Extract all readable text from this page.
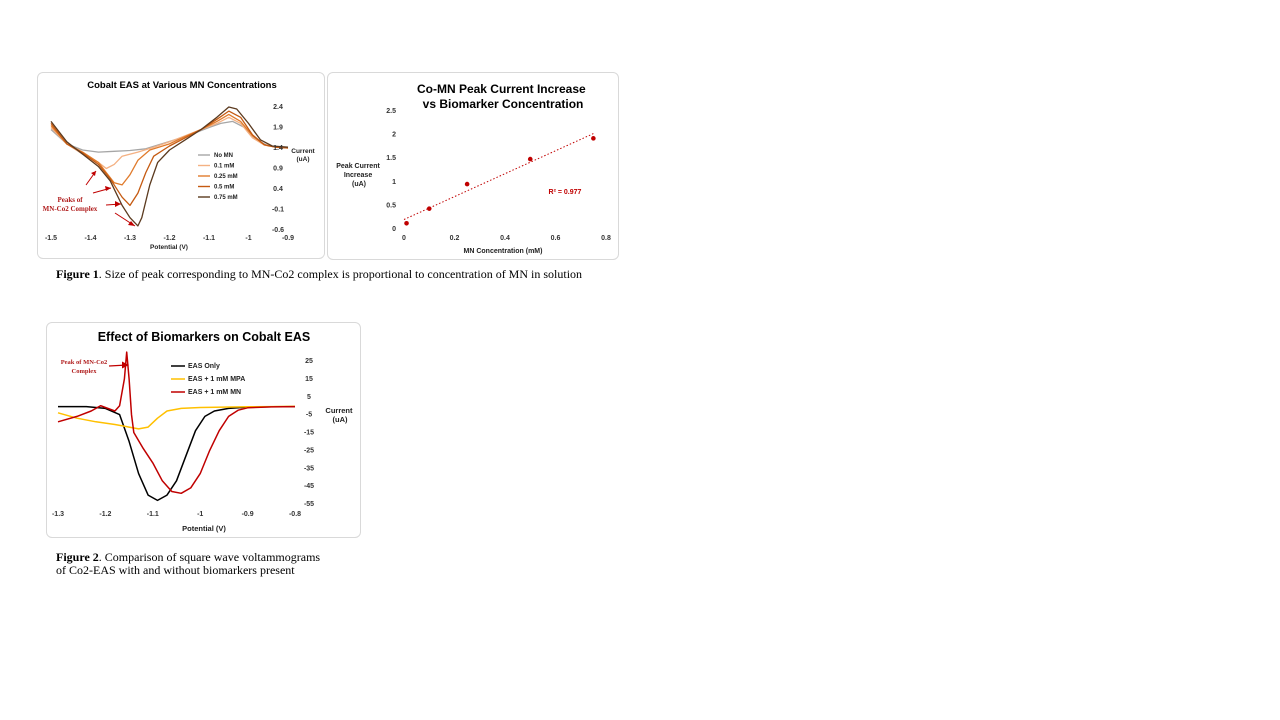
Cobalt EAS at Various MN Concentrations
-1.5	-1.4	-1.3	-1.2	-1.1	-1	-0.9
2.4
1.9
1.4
0.9
0.4
-0.1
-0.6
Potential (V)
Current (uA)
No MN
0.1 mM
0.25 mM
0.5 mM
0.75 mM
Peaks of
MN-Co2 Complex
Co-MN Peak Current Increase vs Biomarker Concentration
0	0.2	0.4	0.6	0.8
0
0.5
1
1.5
2
2.5
MN Concentration (mM)
Peak Current Increase (uA)
R² = 0.977
Figure 1. Size of peak corresponding to MN-Co2 complex is proportional to concentration of MN in solution
Effect of Biomarkers on Cobalt EAS
-1.3	-1.2	-1.1	-1	-0.9	-0.8
25
15
5
-5
-15
-25
-35
-45
-55
Potential (V)
Current (uA)
EAS Only
EAS + 1 mM MPA
EAS + 1 mM MN
Peak of MN-Co2
Complex
Figure 2. Comparison of square wave voltammograms
of Co2-EAS with and without biomarkers present
